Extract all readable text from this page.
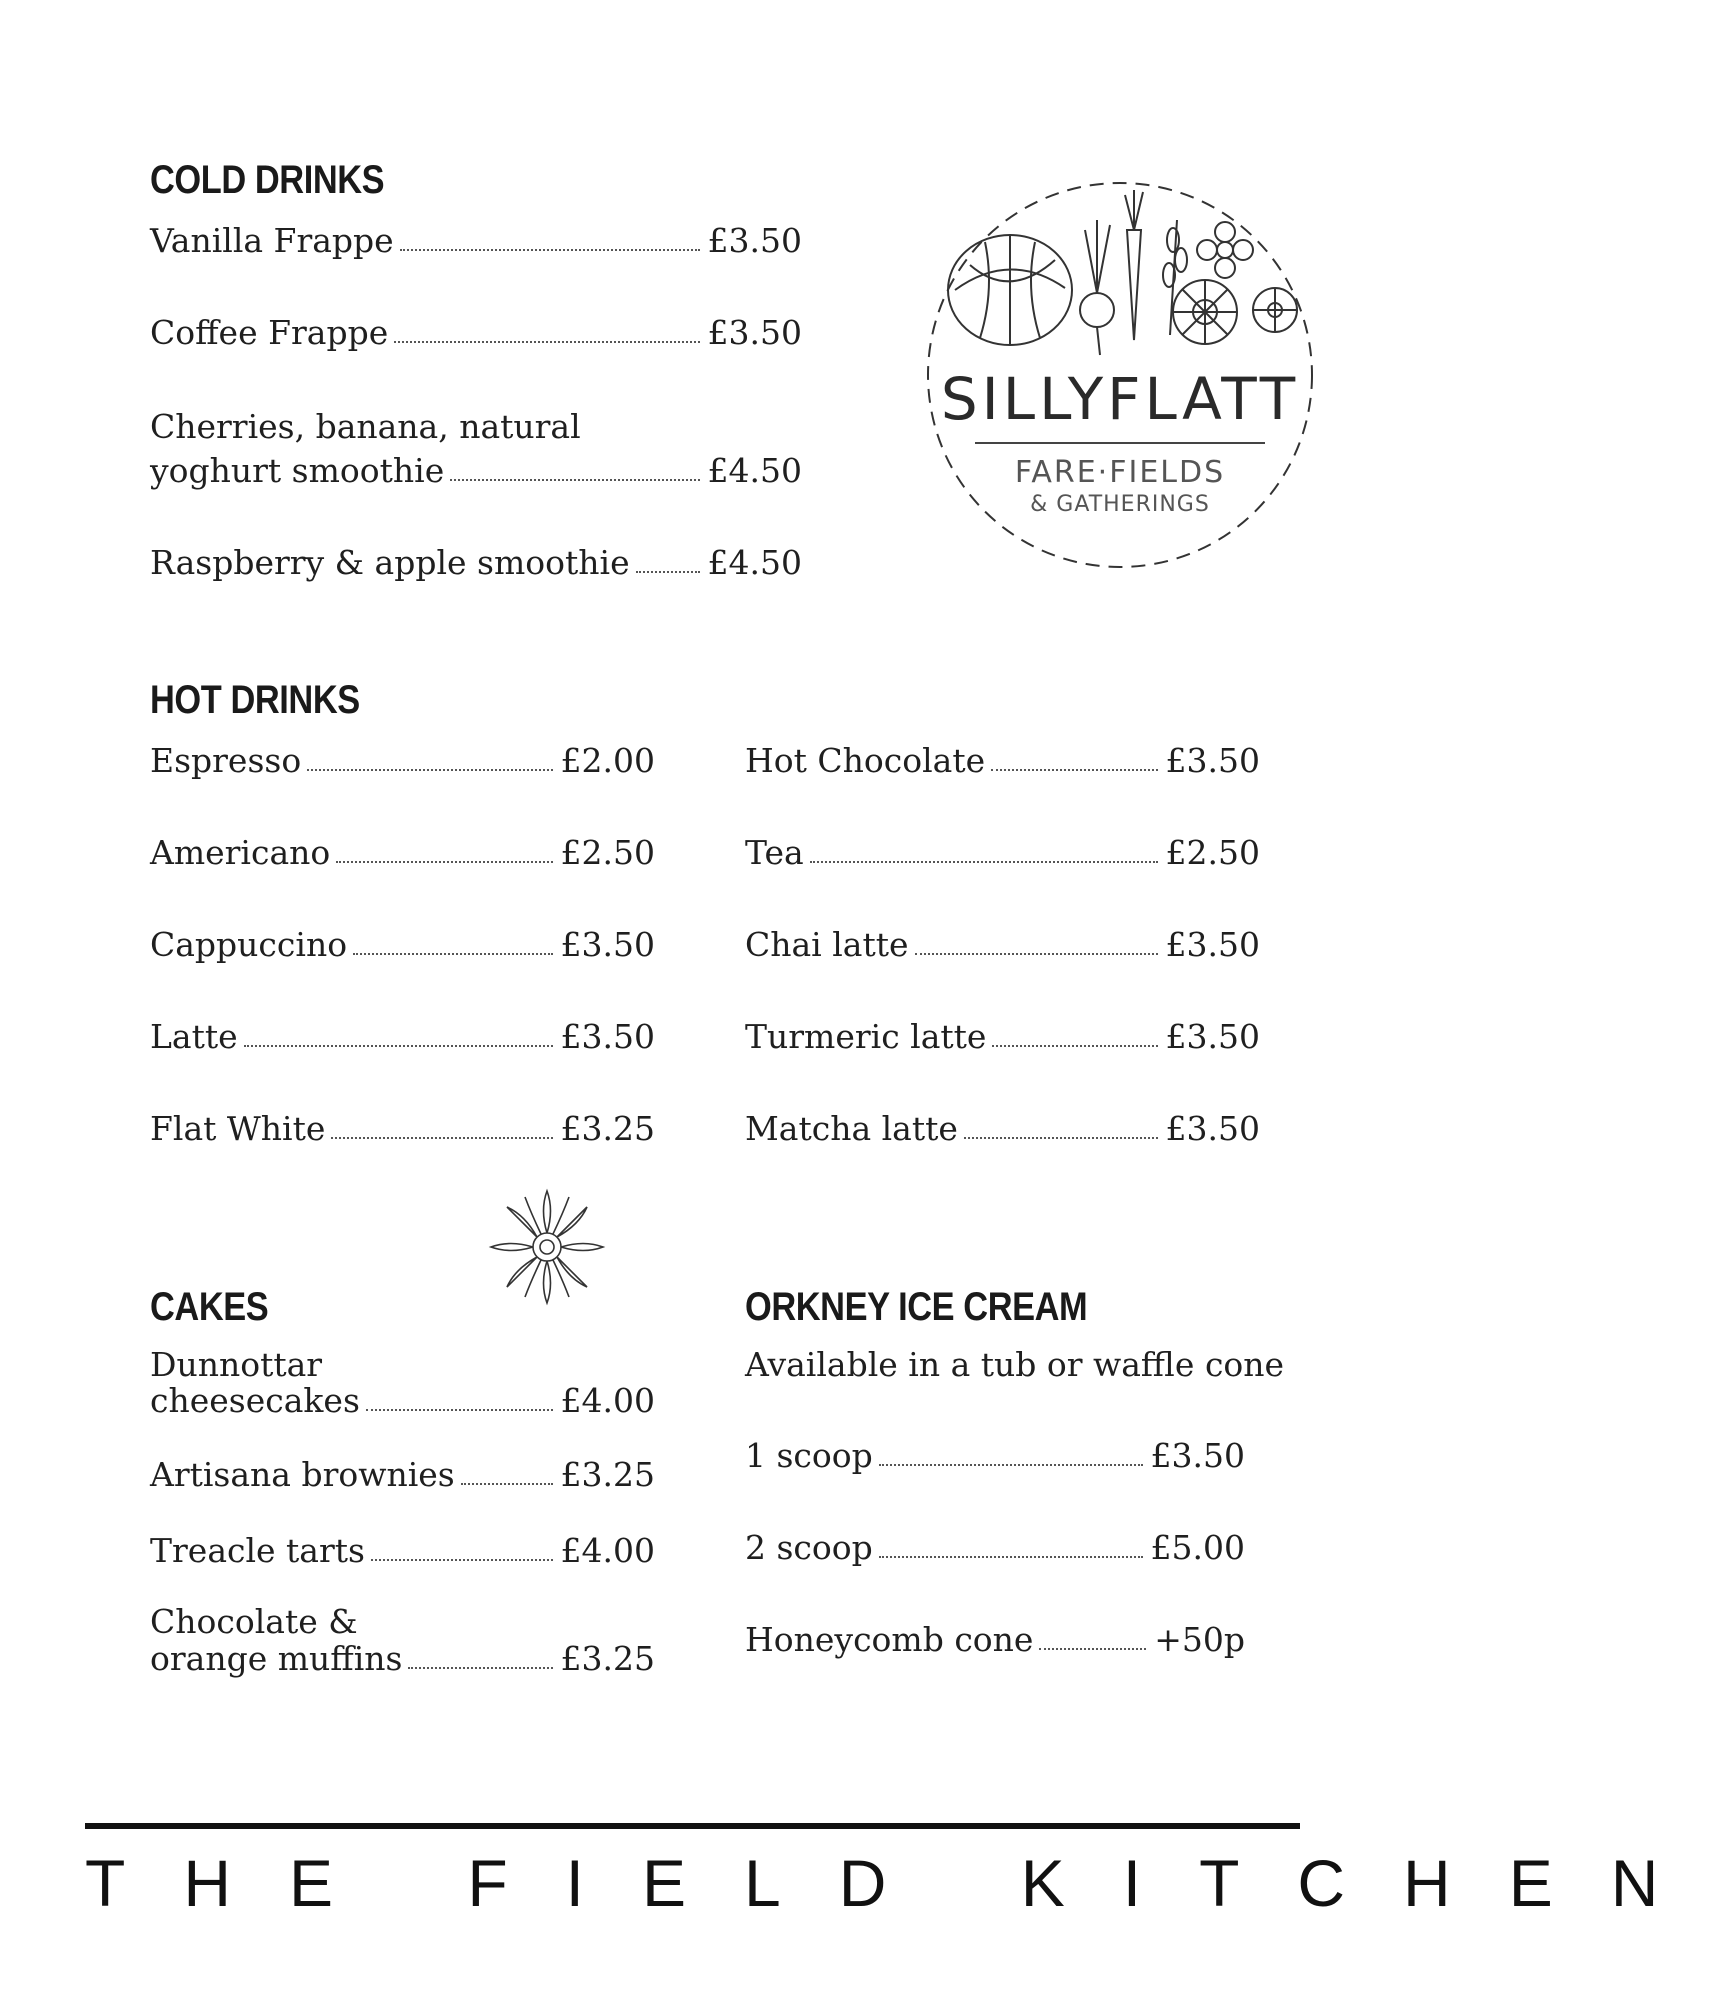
COLD DRINKS
Vanilla Frappe	£3.50
Coffee Frappe	£3.50
Cherries, banana, natural
yoghurt smoothie	£4.50
Raspberry & apple smoothie £4.50
SILLYFLATT
FARE·FIELDS
& GATHERINGS
HOT DRINKS
Espresso	£2.00
Americano	£2.50
Cappuccino	£3.50
Latte	£3.50
Flat White	£3.25
Hot Chocolate	£3.50
Tea	£2.50
Chai latte	£3.50
Turmeric latte	£3.50
Matcha latte	£3.50
CAKES
Dunnottar
cheesecakes	£4.00
Artisana brownies	£3.25
Treacle tarts	£4.00
Chocolate &
orange muffins	£3.25
ORKNEY ICE CREAM
Available in a tub or waffle cone
1 scoop	£3.50
2 scoop	£5.00
Honeycomb cone	+50p
THE FIELD KITCHEN
